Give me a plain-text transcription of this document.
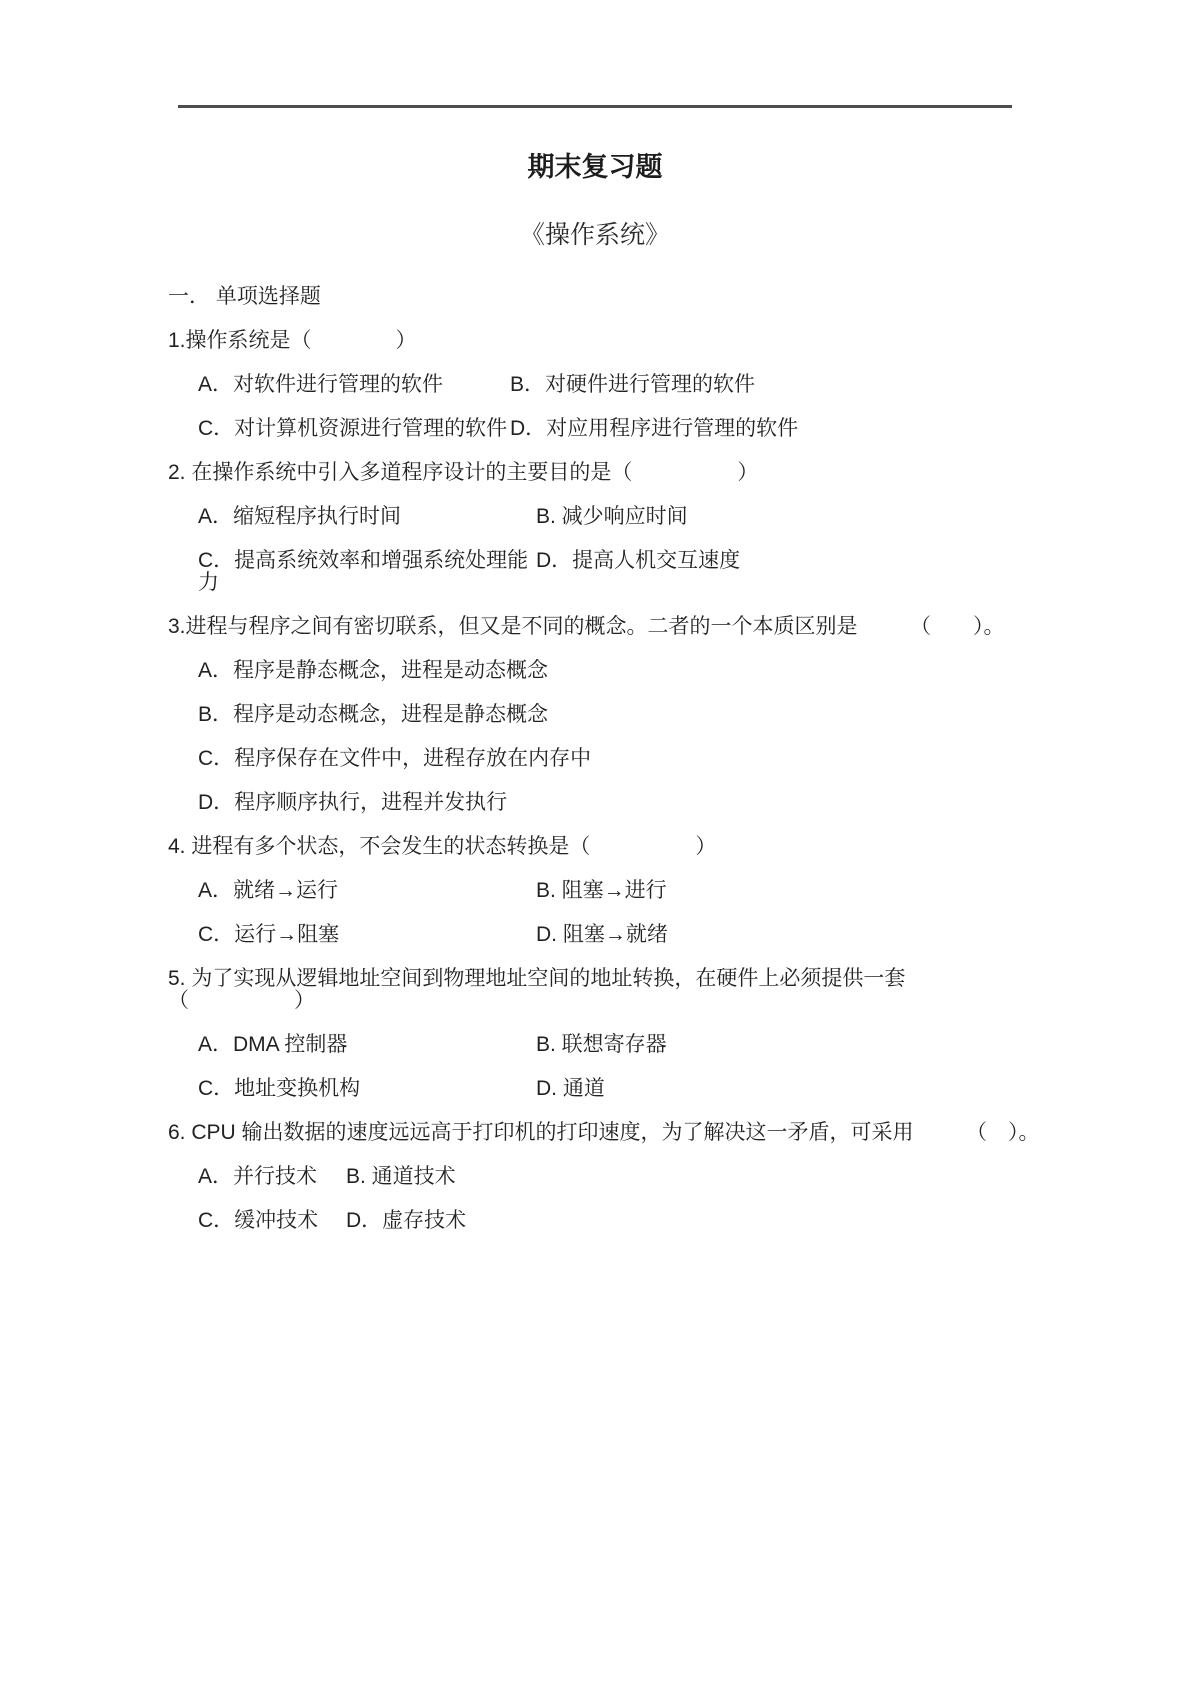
期末复习题
《操作系统》

一． 单项选择题

1.操作系统是（　　　　）

A．对软件进行管理的软件	B．对硬件进行管理的软件
C．对计算机资源进行管理的软件 D．对应用程序进行管理的软件

2. 在操作系统中引入多道程序设计的主要目的是（　　　　　）

A．缩短程序执行时间	B. 减少响应时间
C．提高系统效率和增强系统处理能力
D．提高人机交互速度

3.进程与程序之间有密切联系，但又是不同的概念。二者的一个本质区别是　　　（　　）。

A．程序是静态概念，进程是动态概念
B．程序是动态概念，进程是静态概念
C．程序保存在文件中，进程存放在内存中
D．程序顺序执行，进程并发执行

4. 进程有多个状态，不会发生的状态转换是（　　　　　）

A．就绪→运行	B. 阻塞→进行
C．运行→阻塞	D. 阻塞→就绪

5. 为了实现从逻辑地址空间到物理地址空间的地址转换，在硬件上必须提供一套（　　　　　）

A．DMA 控制器	B. 联想寄存器
C．地址变换机构	D. 通道

6. CPU 输出数据的速度远远高于打印机的打印速度，为了解决这一矛盾，可采用　　　（　）。

A．并行技术	B. 通道技术
C．缓冲技术	D．虚存技术
